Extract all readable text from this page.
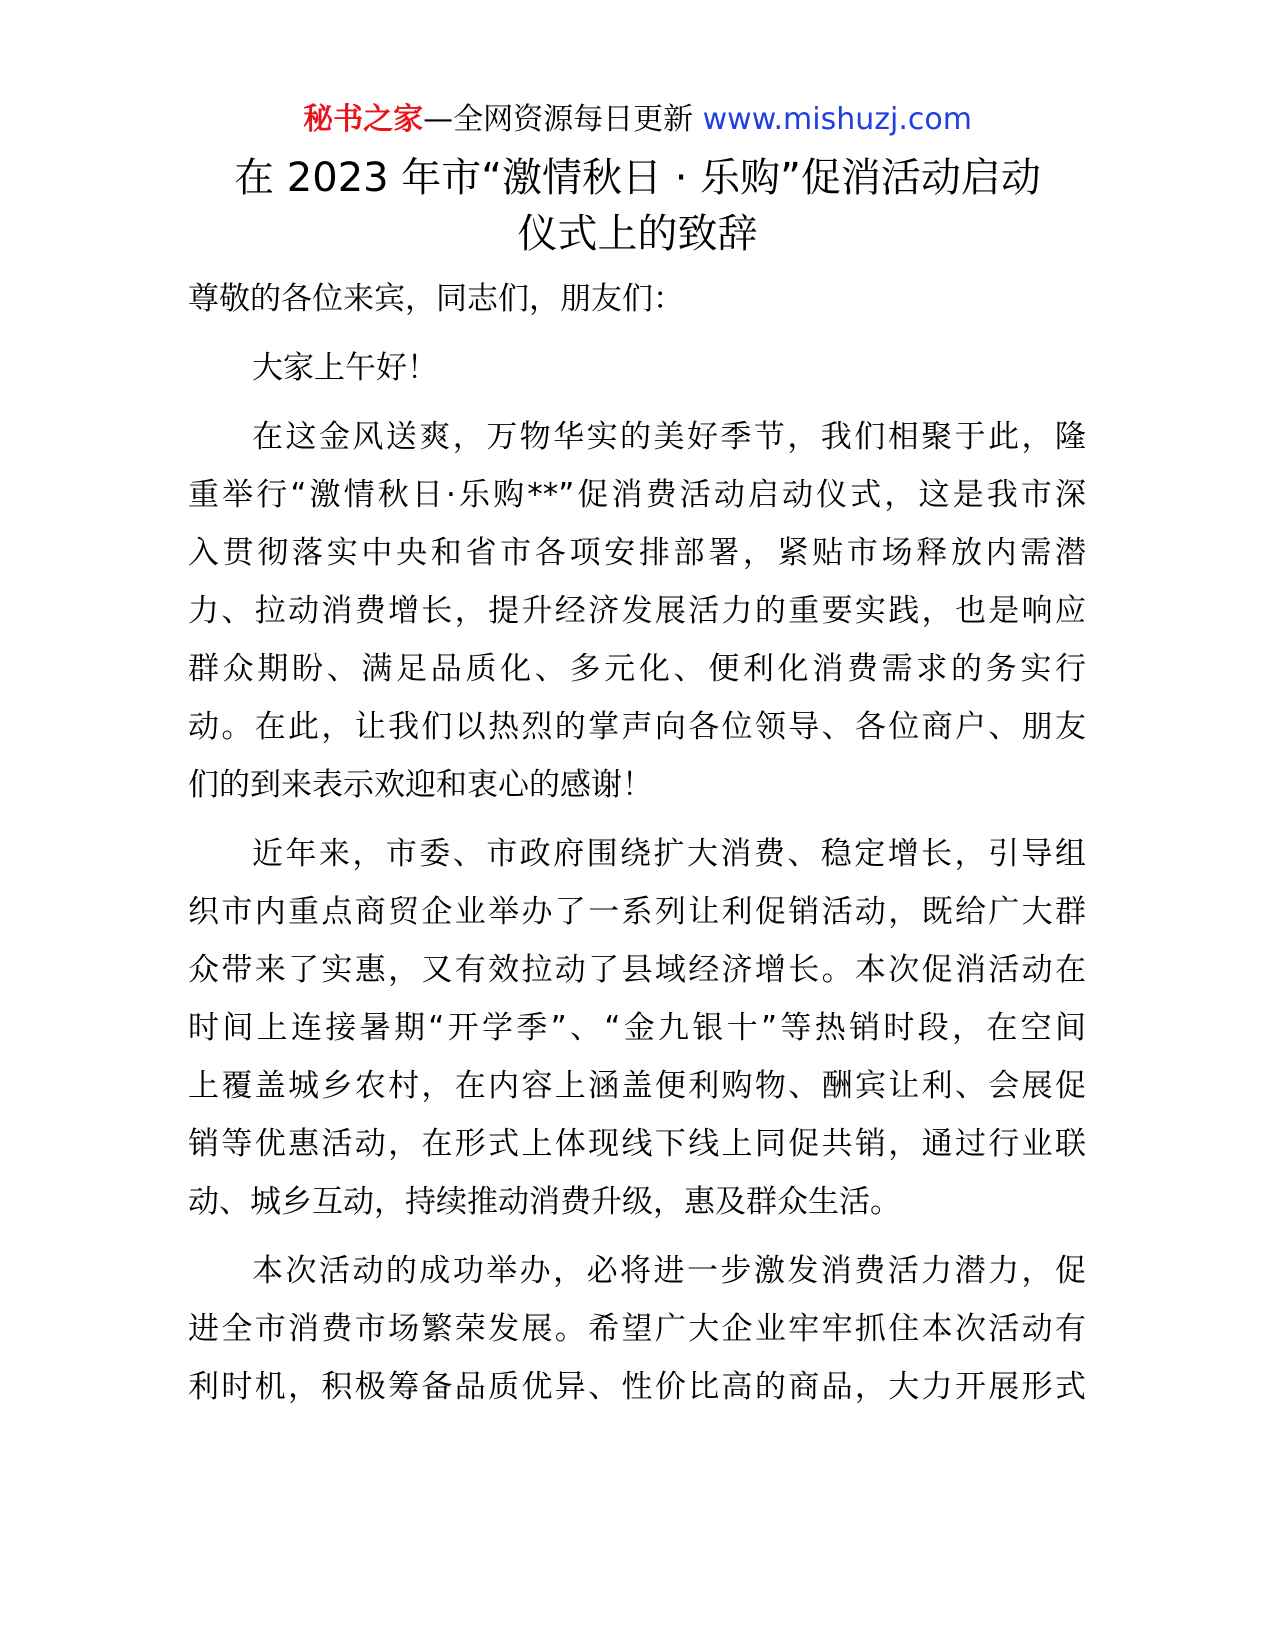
秘书之家—全网资源每日更新 www.mishuzj.com
在 2023 年市“激情秋日 · 乐购”促消活动启动
仪式上的致辞
尊敬的各位来宾，同志们，朋友们：
大家上午好！
在这金风送爽，万物华实的美好季节，我们相聚于此，隆
重举行“激情秋日·乐购**”促消费活动启动仪式，这是我市深
入贯彻落实中央和省市各项安排部署，紧贴市场释放内需潜
力、拉动消费增长，提升经济发展活力的重要实践，也是响应
群众期盼、满足品质化、多元化、便利化消费需求的务实行
动。在此，让我们以热烈的掌声向各位领导、各位商户、朋友
们的到来表示欢迎和衷心的感谢！
近年来，市委、市政府围绕扩大消费、稳定增长，引导组
织市内重点商贸企业举办了一系列让利促销活动，既给广大群
众带来了实惠，又有效拉动了县域经济增长。本次促消活动在
时间上连接暑期“开学季”、“金九银十”等热销时段，在空间
上覆盖城乡农村，在内容上涵盖便利购物、酬宾让利、会展促
销等优惠活动，在形式上体现线下线上同促共销，通过行业联
动、城乡互动，持续推动消费升级，惠及群众生活。
本次活动的成功举办，必将进一步激发消费活力潜力，促
进全市消费市场繁荣发展。希望广大企业牢牢抓住本次活动有
利时机，积极筹备品质优异、性价比高的商品，大力开展形式
